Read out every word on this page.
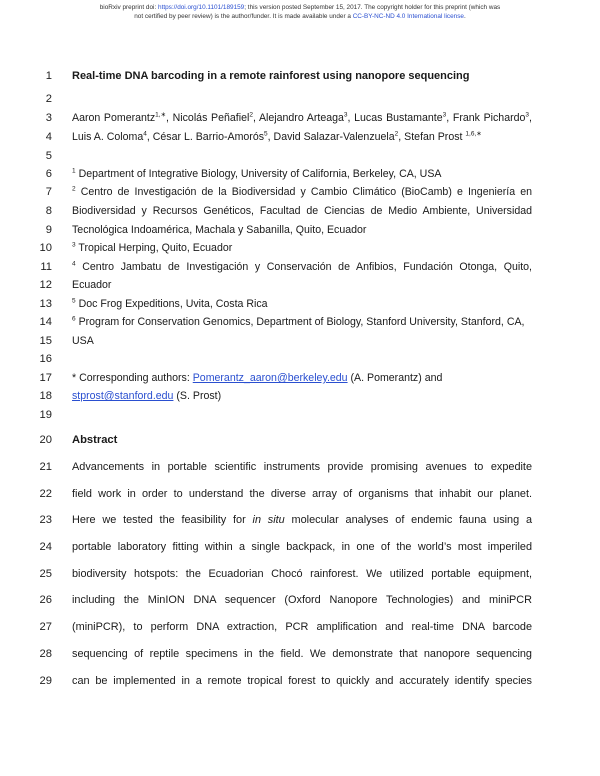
bioRxiv preprint doi: https://doi.org/10.1101/189159; this version posted September 15, 2017. The copyright holder for this preprint (which was
not certified by peer review) is the author/funder. It is made available under a CC-BY-NC-ND 4.0 International license.
1
2
3
4
5
6
7
8
9
10
11
12
13
14
15
16
17
18
19
20
21
22
23
24
25
26
27
28
29
Real-time DNA barcoding in a remote rainforest using nanopore sequencing
Aaron Pomerantz$^{1,∗}$, Nicolás Peñafiel$^2$, Alejandro Arteaga$^3$, Lucas Bustamante$^3$, Frank Pichardo$^3$,
Luis A. Coloma$^4$, César L. Barrio-Amorós$^5$, David Salazar-Valenzuela$^2$, Stefan Prost $^{1,6,∗}$
$^1$ Department of Integrative Biology, University of California, Berkeley, CA, USA
$^2$ Centro de Investigación de la Biodiversidad y Cambio Climático (BioCamb) e Ingeniería en
Biodiversidad y Recursos Genéticos, Facultad de Ciencias de Medio Ambiente, Universidad
Tecnológica Indoamérica, Machala y Sabanilla, Quito, Ecuador
$^3$ Tropical Herping, Quito, Ecuador
$^4$ Centro Jambatu de Investigación y Conservación de Anfibios, Fundación Otonga, Quito,
Ecuador
$^5$ Doc Frog Expeditions, Uvita, Costa Rica
$^6$ Program for Conservation Genomics, Department of Biology, Stanford University, Stanford, CA,
USA
* Corresponding authors: Pomerantz_aaron@berkeley.edu (A. Pomerantz) and
stprost@stanford.edu (S. Prost)
Abstract
Advancements in portable scientific instruments provide promising avenues to expedite
field work in order to understand the diverse array of organisms that inhabit our planet.
Here we tested the feasibility for in situ molecular analyses of endemic fauna using a
portable laboratory fitting within a single backpack, in one of the world’s most imperiled
biodiversity hotspots: the Ecuadorian Chocó rainforest. We utilized portable equipment,
including the MinION DNA sequencer (Oxford Nanopore Technologies) and miniPCR
(miniPCR), to perform DNA extraction, PCR amplification and real-time DNA barcode
sequencing of reptile specimens in the field. We demonstrate that nanopore sequencing
can be implemented in a remote tropical forest to quickly and accurately identify species
